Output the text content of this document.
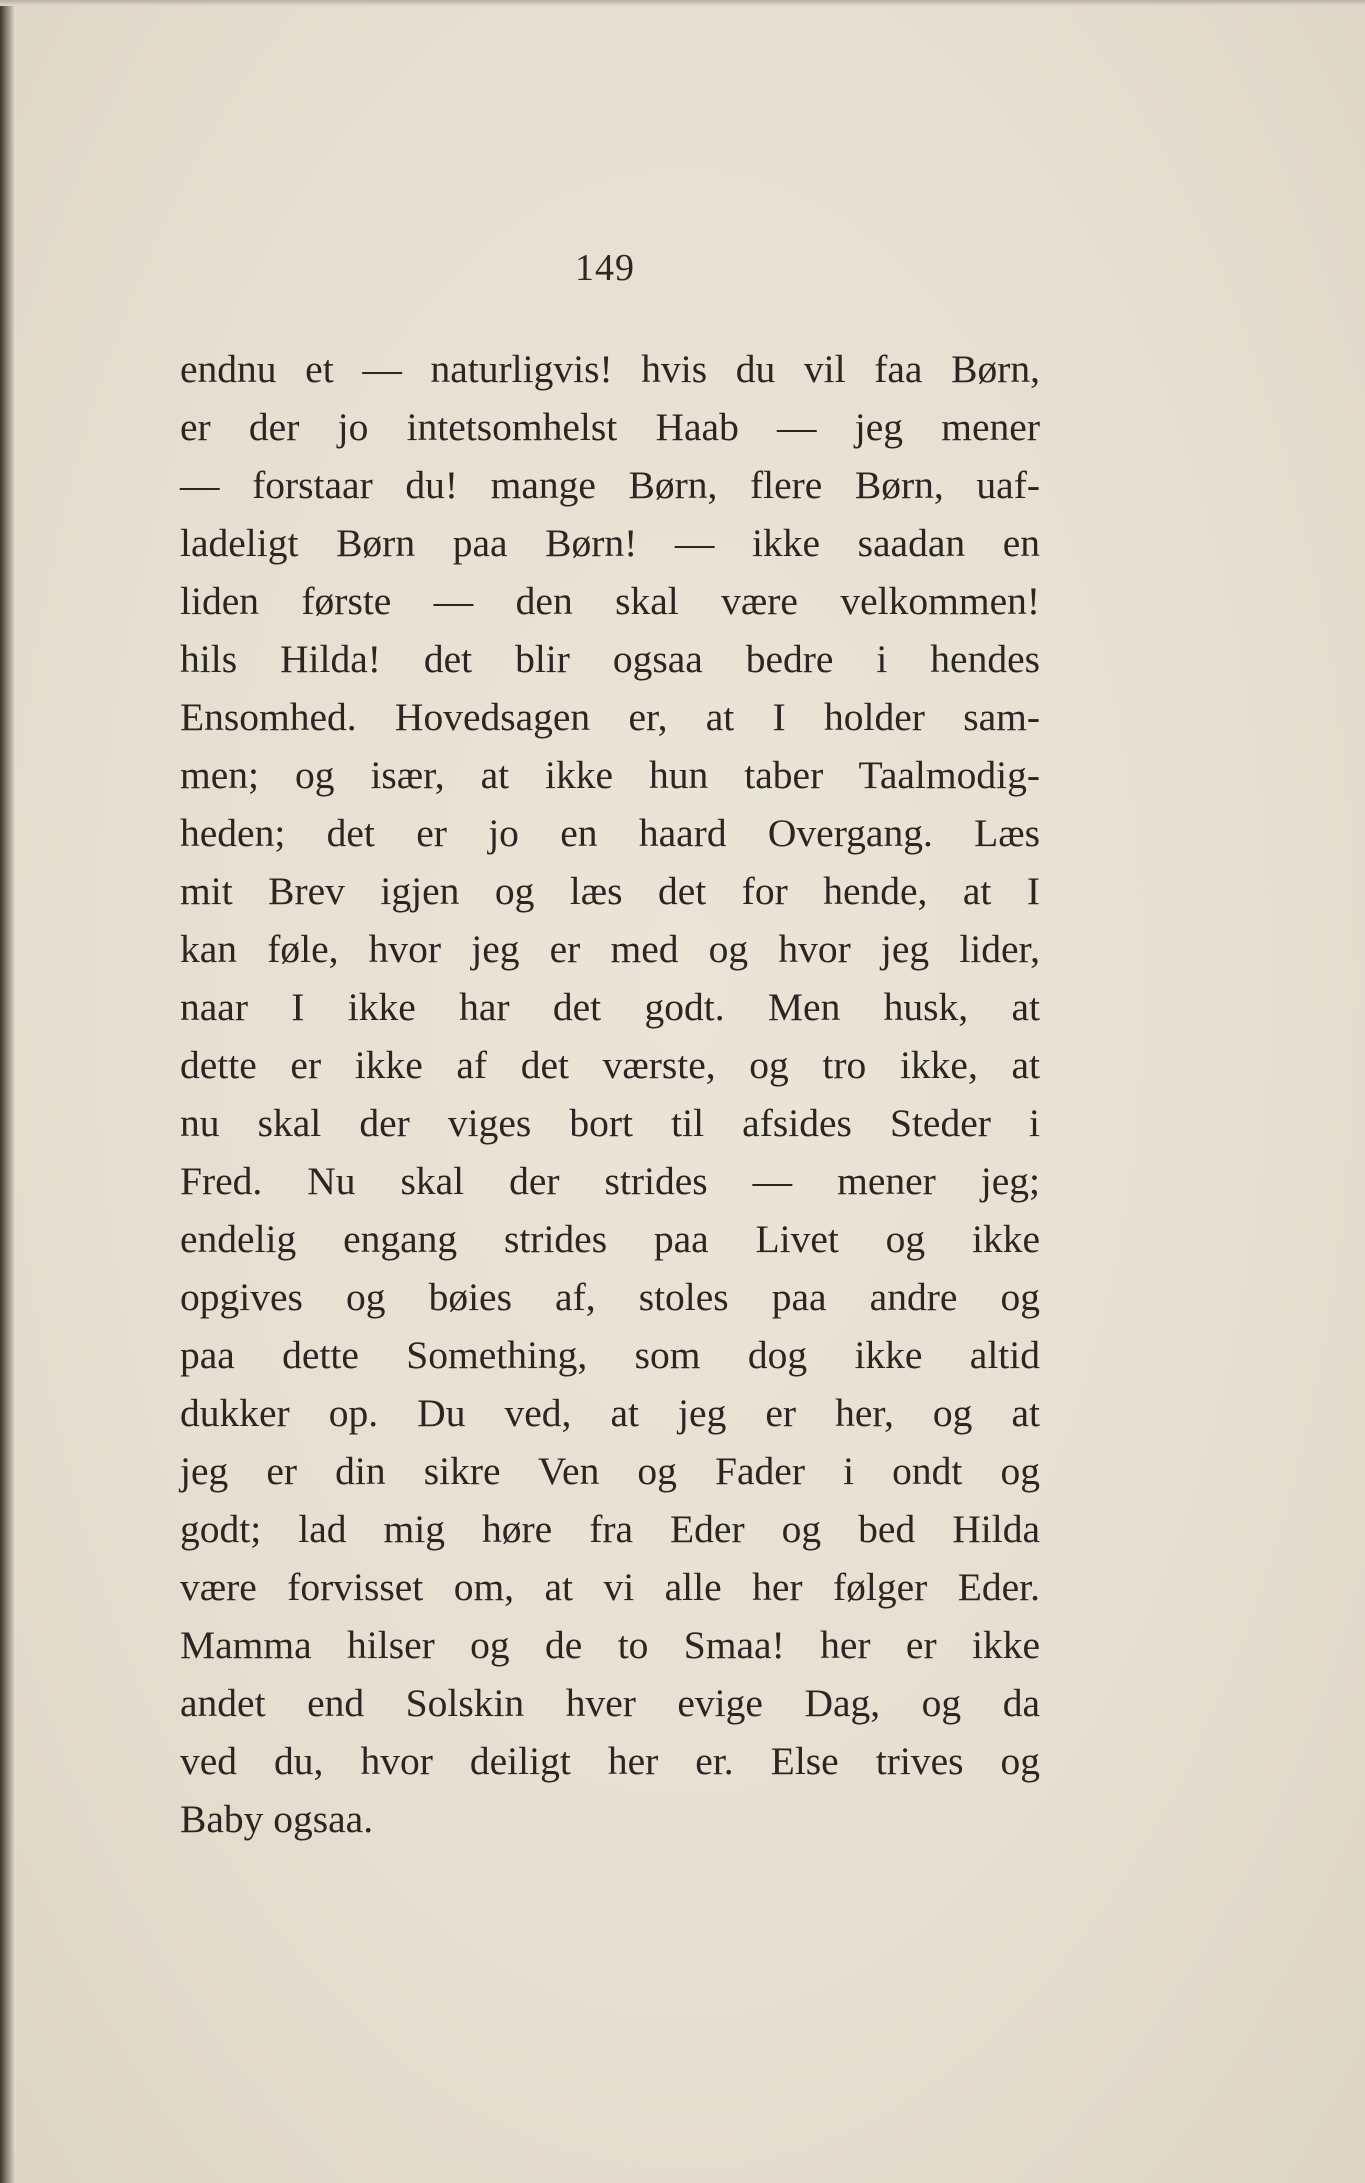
149
endnu et — naturligvis! hvis du vil faa Børn,
er der jo intetsomhelst Haab — jeg mener
— forstaar du! mange Børn, flere Børn, uaf-
ladeligt Børn paa Børn! — ikke saadan en
liden første — den skal være velkommen!
hils Hilda! det blir ogsaa bedre i hendes
Ensomhed. Hovedsagen er, at I holder sam-
men; og især, at ikke hun taber Taalmodig-
heden; det er jo en haard Overgang. Læs
mit Brev igjen og læs det for hende, at I
kan føle, hvor jeg er med og hvor jeg lider,
naar I ikke har det godt. Men husk, at
dette er ikke af det værste, og tro ikke, at
nu skal der viges bort til afsides Steder i
Fred. Nu skal der strides — mener jeg;
endelig engang strides paa Livet og ikke
opgives og bøies af, stoles paa andre og
paa dette Something, som dog ikke altid
dukker op. Du ved, at jeg er her, og at
jeg er din sikre Ven og Fader i ondt og
godt; lad mig høre fra Eder og bed Hilda
være forvisset om, at vi alle her følger Eder.
Mamma hilser og de to Smaa! her er ikke
andet end Solskin hver evige Dag, og da
ved du, hvor deiligt her er. Else trives og
Baby ogsaa.
